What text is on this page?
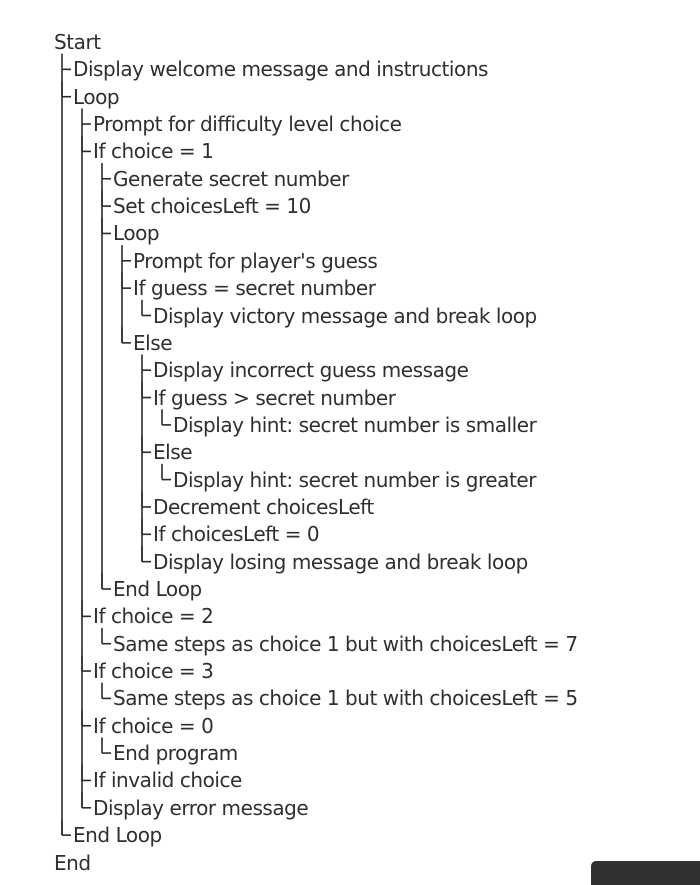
Start
Display welcome message and instructions
Loop
Prompt for difficulty level choice
If choice = 1
Generate secret number
Set choicesLeft = 10
Loop
Prompt for player's guess
If guess = secret number
Display victory message and break loop
Else
Display incorrect guess message
If guess > secret number
Display hint: secret number is smaller
Else
Display hint: secret number is greater
Decrement choicesLeft
If choicesLeft = 0
Display losing message and break loop
End Loop
If choice = 2
Same steps as choice 1 but with choicesLeft = 7
If choice = 3
Same steps as choice 1 but with choicesLeft = 5
If choice = 0
End program
If invalid choice
Display error message
End Loop
End
